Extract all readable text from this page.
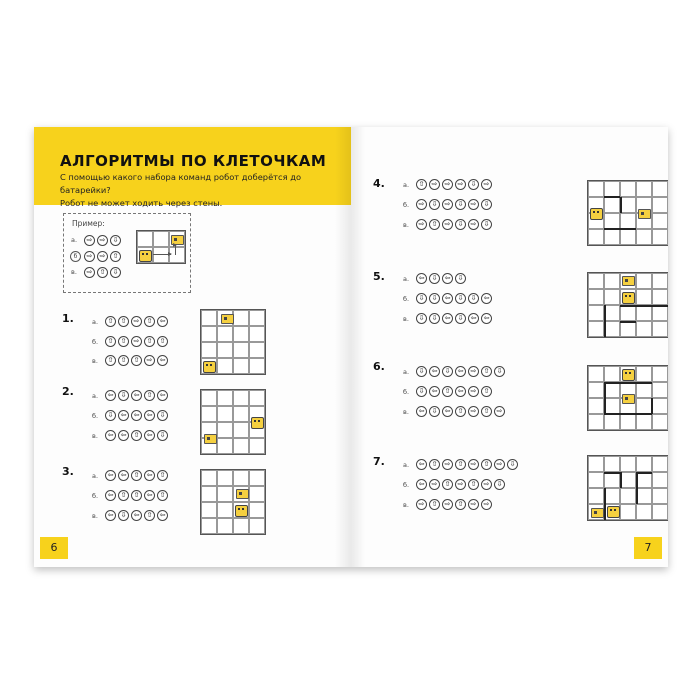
АЛГОРИТМЫ ПО КЛЕТОЧКАМ
С помощью какого набора команд робот доберётся до батарейки?
Робот не может ходить через стены.
Пример:
а.	⇨	⇨	⇩
б	⇨	⇨	⇧
в.	⇨	⇧	⇩
1.	а.	⇧	⇧	⇨	⇧	⇦
б.	⇧	⇧	⇨	⇧	⇧
в.	⇧	⇧	⇧	⇨	⇦
2.	а.	⇦	⇩	⇦	⇧	⇦
б.	⇩	⇦	⇦	⇦	⇩
в.	⇦	⇦	⇧	⇦	⇩
3.	а.	⇦	⇦	⇧	⇦	⇧
б.	⇦	⇧	⇧	⇦	⇧
в.	⇦	⇩	⇦	⇧	⇦
6
4.	а.	⇧	⇨	⇨	⇨	⇩	⇨
б.	⇨	⇩	⇨	⇩	⇨	⇩
в.	⇨	⇧	⇨	⇩	⇨	⇩
5.	а.	⇦	⇩	⇦	⇩
б.	⇩	⇩	⇦	⇩	⇩	⇦
в.	⇩	⇩	⇦	⇩	⇦	⇦
6.	а.	⇩	⇦	⇩	⇦	⇨	⇧	⇩
б.	⇩	⇦	⇧	⇦	⇨	⇧
в.	⇦	⇩	⇦	⇧	⇨	⇧	⇨
7.	а.	⇦	⇧	⇨	⇧	⇨	⇧	⇨	⇩
б.	⇦	⇨	⇧	⇨	⇧	⇨	⇩
в.	⇨	⇧	⇨	⇧	⇨	⇨
7
